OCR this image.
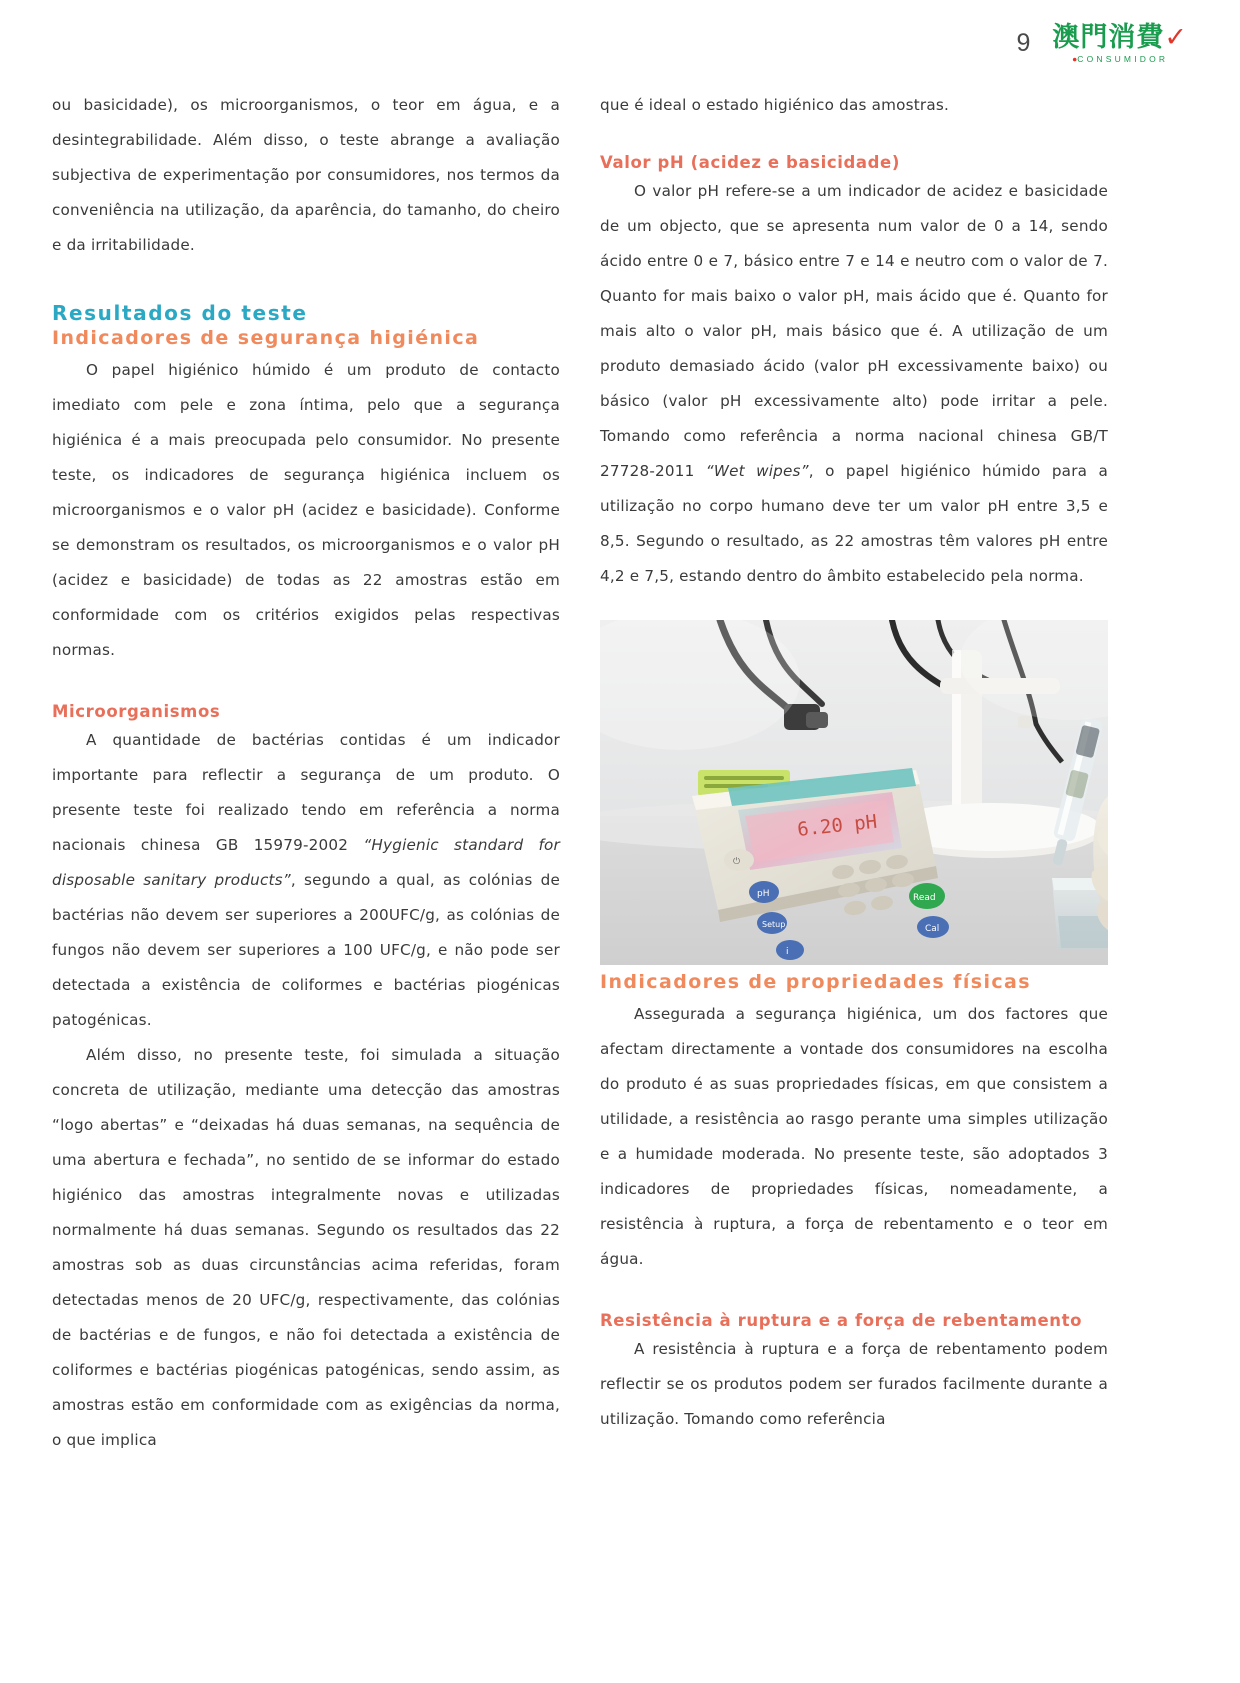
9 澳門消費✓
●CONSUMIDOR

ou basicidade), os microorganismos, o teor em água, e a desintegrabilidade. Além disso, o teste abrange a avaliação subjectiva de experimentação por consumidores, nos termos da conveniência na utilização, da aparência, do tamanho, do cheiro e da irritabilidade.

Resultados do teste
Indicadores de segurança higiénica

O papel higiénico húmido é um produto de contacto imediato com pele e zona íntima, pelo que a segurança higiénica é a mais preocupada pelo consumidor. No presente teste, os indicadores de segurança higiénica incluem os microorganismos e o valor pH (acidez e basicidade). Conforme se demonstram os resultados, os microorganismos e o valor pH (acidez e basicidade) de todas as 22 amostras estão em conformidade com os critérios exigidos pelas respectivas normas.

Microorganismos

A quantidade de bactérias contidas é um indicador importante para reflectir a segurança de um produto. O presente teste foi realizado tendo em referência a norma nacionais chinesa GB 15979-2002 “Hygienic standard for disposable sanitary products”, segundo a qual, as colónias de bactérias não devem ser superiores a 200UFC/g, as colónias de fungos não devem ser superiores a 100 UFC/g, e não pode ser detectada a existência de coliformes e bactérias piogénicas patogénicas.

Além disso, no presente teste, foi simulada a situação concreta de utilização, mediante uma detecção das amostras “logo abertas” e “deixadas há duas semanas, na sequência de uma abertura e fechada”, no sentido de se informar do estado higiénico das amostras integralmente novas e utilizadas normalmente há duas semanas. Segundo os resultados das 22 amostras sob as duas circunstâncias acima referidas, foram detectadas menos de 20 UFC/g, respectivamente, das colónias de bactérias e de fungos, e não foi detectada a existência de coliformes e bactérias piogénicas patogénicas, sendo assim, as amostras estão em conformidade com as exigências da norma, o que implica

que é ideal o estado higiénico das amostras.

Valor pH (acidez e basicidade)

O valor pH refere-se a um indicador de acidez e basicidade de um objecto, que se apresenta num valor de 0 a 14, sendo ácido entre 0 e 7, básico entre 7 e 14 e neutro com o valor de 7. Quanto for mais baixo o valor pH, mais ácido que é. Quanto for mais alto o valor pH, mais básico que é. A utilização de um produto demasiado ácido (valor pH excessivamente baixo) ou básico (valor pH excessivamente alto) pode irritar a pele. Tomando como referência a norma nacional chinesa GB/T 27728-2011 “Wet wipes”, o papel higiénico húmido para a utilização no corpo humano deve ter um valor pH entre 3,5 e 8,5. Segundo o resultado, as 22 amostras têm valores pH entre 4,2 e 7,5, estando dentro do âmbito estabelecido pela norma.

6.20 pH
pH
Setup
i
⏻
Read
Cal
Indicadores de propriedades físicas

Assegurada a segurança higiénica, um dos factores que afectam directamente a vontade dos consumidores na escolha do produto é as suas propriedades físicas, em que consistem a utilidade, a resistência ao rasgo perante uma simples utilização e a humidade moderada. No presente teste, são adoptados 3 indicadores de propriedades físicas, nomeadamente, a resistência à ruptura, a força de rebentamento e o teor em água.

Resistência à ruptura e a força de rebentamento

A resistência à ruptura e a força de rebentamento podem reflectir se os produtos podem ser furados facilmente durante a utilização. Tomando como referência
